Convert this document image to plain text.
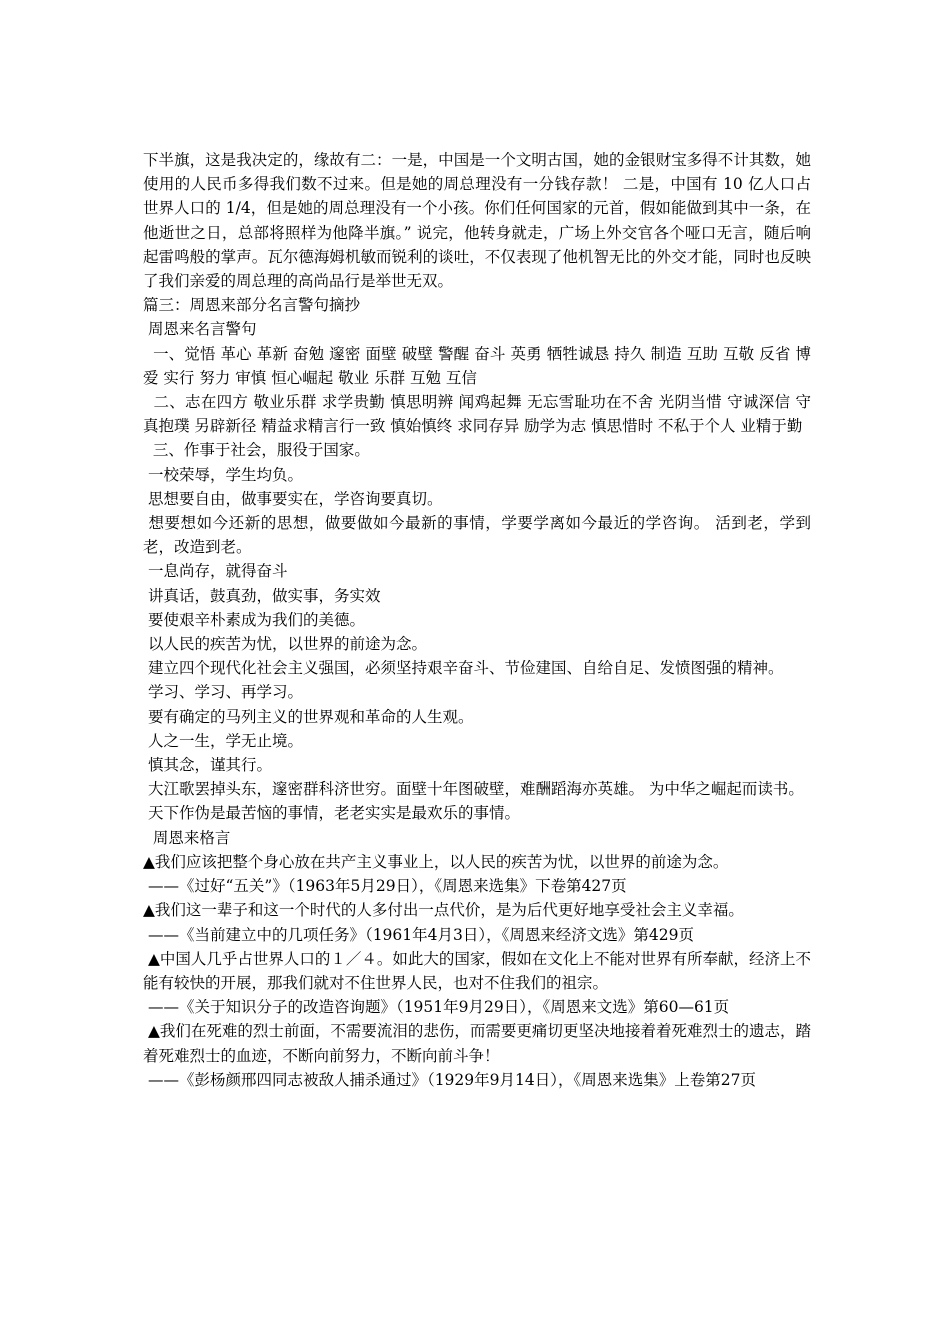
下半旗，这是我决定的，缘故有二：一是，中国是一个文明古国，她的金银财宝多得不计其数，她使用的人民币多得我们数不过来。但是她的周总理没有一分钱存款！ 二是，中国有 10 亿人口占世界人口的 1/4，但是她的周总理没有一个小孩。你们任何国家的元首，假如能做到其中一条，在他逝世之日，总部将照样为他降半旗。” 说完，他转身就走，广场上外交官各个哑口无言，随后响起雷鸣般的掌声。瓦尔德海姆机敏而锐利的谈吐，不仅表现了他机智无比的外交才能，同时也反映了我们亲爱的周总理的高尚品行是举世无双。

篇三：周恩来部分名言警句摘抄

周恩来名言警句

一、觉悟 革心 革新 奋勉 邃密 面壁 破壁 警醒 奋斗 英勇 牺牲诚恳 持久 制造 互助 互敬 反省 博爱 实行 努力 审慎 恒心崛起 敬业 乐群 互勉 互信

二、志在四方 敬业乐群 求学贵勤 慎思明辨 闻鸡起舞 无忘雪耻功在不舍 光阴当惜 守诚深信 守真抱璞 另辟新径 精益求精言行一致 慎始慎终 求同存异 励学为志 慎思惜时 不私于个人 业精于勤

三、作事于社会，服役于国家。

一校荣辱，学生均负。

思想要自由，做事要实在，学咨询要真切。

想要想如今还新的思想，做要做如今最新的事情，学要学离如今最近的学咨询。 活到老，学到老，改造到老。

一息尚存，就得奋斗

讲真话，鼓真劲，做实事，务实效

要使艰辛朴素成为我们的美德。

以人民的疾苦为忧，以世界的前途为念。

建立四个现代化社会主义强国，必须坚持艰辛奋斗、节俭建国、自给自足、发愤图强的精神。

学习、学习、再学习。

要有确定的马列主义的世界观和革命的人生观。

人之一生，学无止境。

慎其念，谨其行。

大江歌罢掉头东，邃密群科济世穷。面壁十年图破壁，难酬蹈海亦英雄。 为中华之崛起而读书。

天下作伪是最苦恼的事情，老老实实是最欢乐的事情。

周恩来格言

▲我们应该把整个身心放在共产主义事业上，以人民的疾苦为忧，以世界的前途为念。

——《过好“五关”》（1963年5月29日），《周恩来选集》下卷第427页

▲我们这一辈子和这一个时代的人多付出一点代价，是为后代更好地享受社会主义幸福。

——《当前建立中的几项任务》（1961年4月3日），《周恩来经济文选》第429页

▲中国人几乎占世界人口的１／４。如此大的国家，假如在文化上不能对世界有所奉献，经济上不能有较快的开展，那我们就对不住世界人民，也对不住我们的祖宗。

——《关于知识分子的改造咨询题》（1951年9月29日），《周恩来文选》第60—61页

▲我们在死难的烈士前面，不需要流泪的悲伤，而需要更痛切更坚决地接着着死难烈士的遗志，踏着死难烈士的血迹，不断向前努力，不断向前斗争！

——《彭杨颜邢四同志被敌人捕杀通过》（1929年9月14日），《周恩来选集》上卷第27页
